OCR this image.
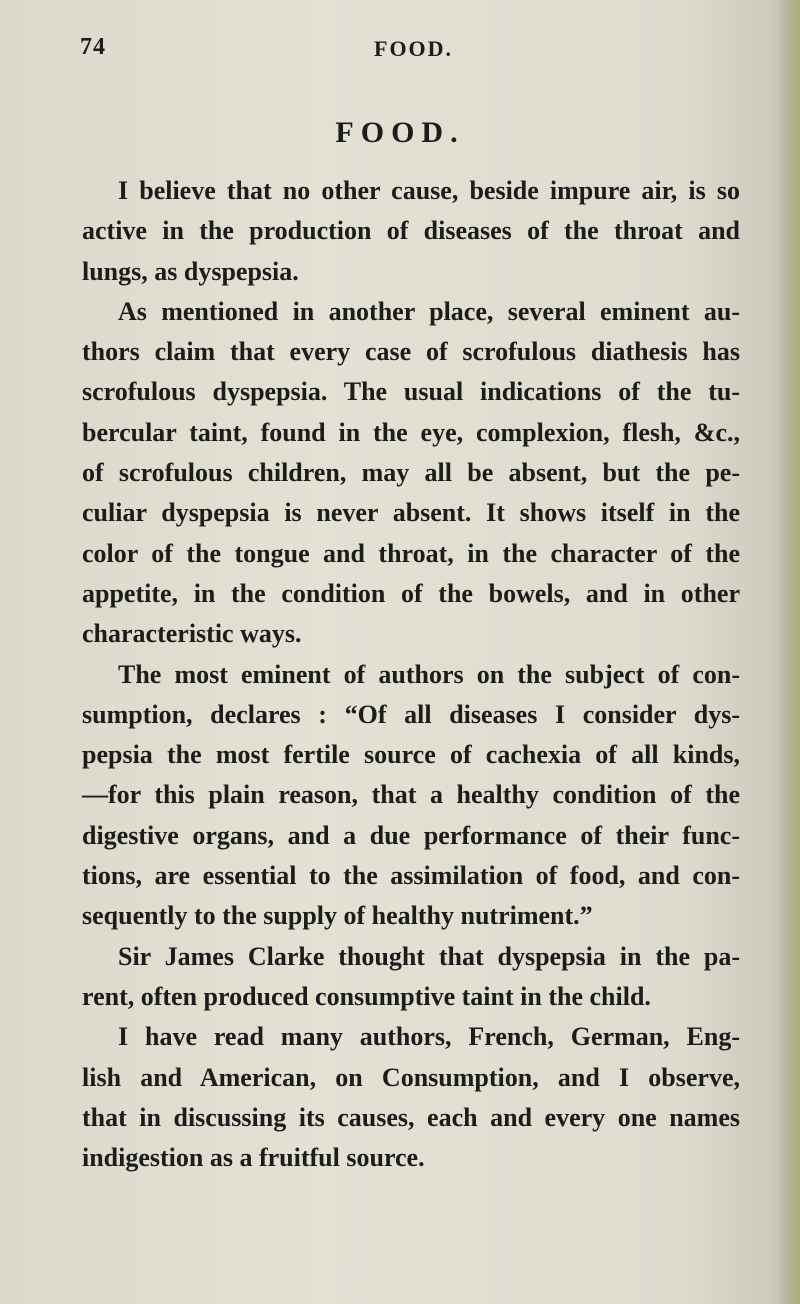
74	FOOD.
FOOD.
I believe that no other cause, beside impure air, is so
active in the production of diseases of the throat and
lungs, as dyspepsia.
As mentioned in another place, several eminent au-
thors claim that every case of scrofulous diathesis has
scrofulous dyspepsia. The usual indications of the tu-
bercular taint, found in the eye, complexion, flesh, &c.,
of scrofulous children, may all be absent, but the pe-
culiar dyspepsia is never absent. It shows itself in the
color of the tongue and throat, in the character of the
appetite, in the condition of the bowels, and in other
characteristic ways.
The most eminent of authors on the subject of con-
sumption, declares : “Of all diseases I consider dys-
pepsia the most fertile source of cachexia of all kinds,
—for this plain reason, that a healthy condition of the
digestive organs, and a due performance of their func-
tions, are essential to the assimilation of food, and con-
sequently to the supply of healthy nutriment.”
Sir James Clarke thought that dyspepsia in the pa-
rent, often produced consumptive taint in the child.
I have read many authors, French, German, Eng-
lish and American, on Consumption, and I observe,
that in discussing its causes, each and every one names
indigestion as a fruitful source.
